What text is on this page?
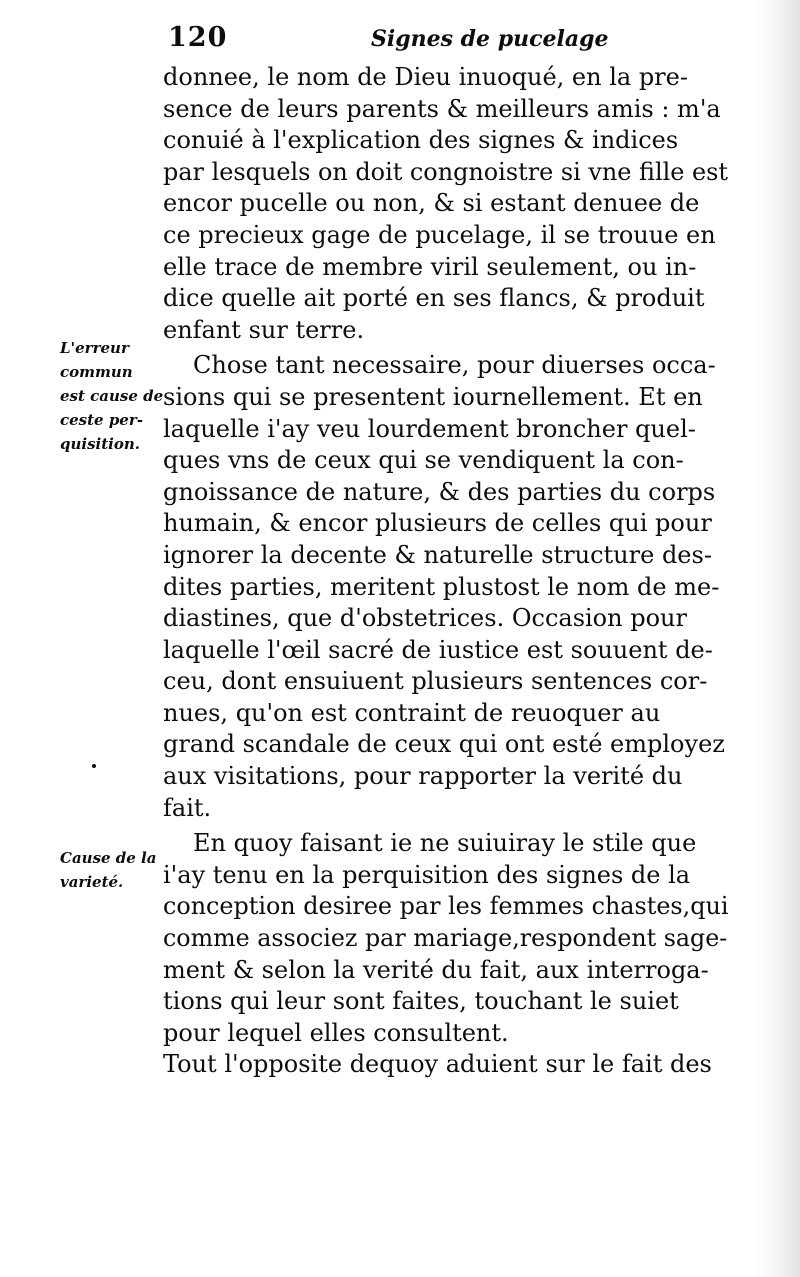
120	Signes de pucelage
donnee, le nom de Dieu inuoqué, en la pre-
sence de leurs parents & meilleurs amis : m'a
conuié à l'explication des signes & indices
par lesquels on doit congnoistre si vne fille est
encor pucelle ou non, & si estant denuee de
ce precieux gage de pucelage, il se trouue en
elle trace de membre viril seulement, ou in-
dice quelle ait porté en ses flancs, & produit
enfant sur terre.
Chose tant necessaire, pour diuerses occa-
sions qui se presentent iournellement. Et en
laquelle i'ay veu lourdement broncher quel-
ques vns de ceux qui se vendiquent la con-
gnoissance de nature, & des parties du corps
humain, & encor plusieurs de celles qui pour
ignorer la decente & naturelle structure des-
dites parties, meritent plustost le nom de me-
diastines, que d'obstetrices. Occasion pour
laquelle l'œil sacré de iustice est souuent de-
ceu, dont ensuiuent plusieurs sentences cor-
nues, qu'on est contraint de reuoquer au
grand scandale de ceux qui ont esté employez
aux visitations, pour rapporter la verité du
fait.
En quoy faisant ie ne suiuiray le stile que
i'ay tenu en la perquisition des signes de la
conception desiree par les femmes chastes,qui
comme associez par mariage,respondent sage-
ment & selon la verité du fait, aux interroga-
tions qui leur sont faites, touchant le suiet
pour lequel elles consultent.
Tout l'opposite dequoy aduient sur le fait des
L'erreur
commun
est cause de
ceste per-
quisition.
Cause de la
varieté.
